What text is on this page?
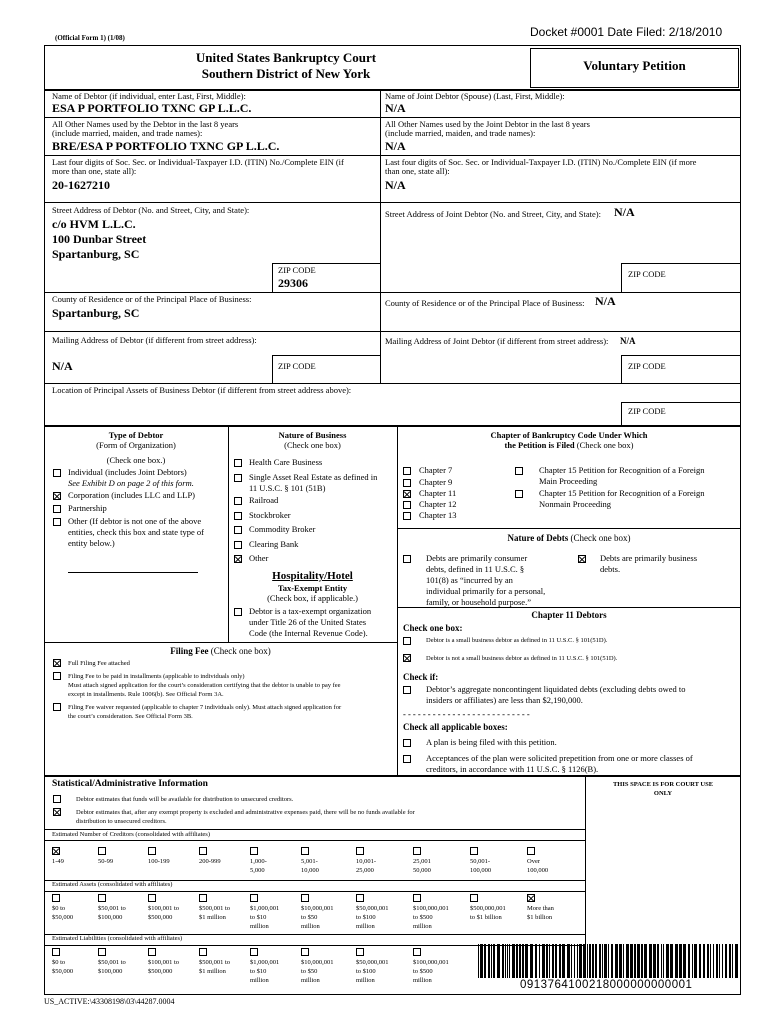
(Official Form 1) (1/08)	Docket #0001 Date Filed: 2/18/2010
United States Bankruptcy Court
Southern District of New York
Voluntary Petition
Name of Debtor (if individual, enter Last, First, Middle):
ESA P PORTFOLIO TXNC GP L.L.C.
Name of Joint Debtor (Spouse) (Last, First, Middle):
N/A
All Other Names used by the Debtor in the last 8 years
(include married, maiden, and trade names):
BRE/ESA P PORTFOLIO TXNC GP L.L.C.
All Other Names used by the Joint Debtor in the last 8 years
(include married, maiden, and trade names):
N/A
Last four digits of Soc. Sec. or Individual-Taxpayer I.D. (ITIN) No./Complete EIN (if
more than one, state all):
20-1627210
Last four digits of Soc. Sec. or Individual-Taxpayer I.D. (ITIN) No./Complete EIN (if more
than one, state all):
N/A
Street Address of Debtor (No. and Street, City, and State):
c/o HVM L.L.C.
100 Dunbar Street
Spartanburg, SC
Street Address of Joint Debtor (No. and Street, City, and State): N/A
ZIP CODE
29306
ZIP CODE
County of Residence or of the Principal Place of Business:
Spartanburg, SC
County of Residence or of the Principal Place of Business: N/A
Mailing Address of Debtor (if different from street address):	Mailing Address of Joint Debtor (if different from street address): N/A
N/A	ZIP CODE	ZIP CODE
Location of Principal Assets of Business Debtor (if different from street address above):
ZIP CODE
Type of Debtor
(Form of Organization)
(Check one box.)
Individual (includes Joint Debtors)
See Exhibit D on page 2 of this form.
Corporation (includes LLC and LLP)
Partnership
Other (If debtor is not one of the above
entities, check this box and state type of
entity below.)
Nature of Business
(Check one box)
Health Care Business
Single Asset Real Estate as defined in
11 U.S.C. § 101 (51B)
Railroad
Stockbroker
Commodity Broker
Clearing Bank
Other
Hospitality/Hotel
Tax-Exempt Entity
(Check box, if applicable.)
Debtor is a tax-exempt organization
under Title 26 of the United States
Code (the Internal Revenue Code).
Chapter of Bankruptcy Code Under Which
the Petition is Filed (Check one box)
Chapter 7
Chapter 9
Chapter 11
Chapter 12
Chapter 13
Chapter 15 Petition for Recognition of a Foreign
Main Proceeding
Chapter 15 Petition for Recognition of a Foreign
Nonmain Proceeding
Nature of Debts (Check one box)
Debts are primarily consumer
debts, defined in 11 U.S.C. §
101(8) as “incurred by an
individual primarily for a personal,
family, or household purpose.”
Debts are primarily business
debts.
Chapter 11 Debtors
Check one box:
Debtor is a small business debtor as defined in 11 U.S.C. § 101(51D).
Debtor is not a small business debtor as defined in 11 U.S.C. § 101(51D).
Check if:
Debtor’s aggregate noncontingent liquidated debts (excluding debts owed to
insiders or affiliates) are less than $2,190,000.
- - - - - - - - - - - - - - - - - - - - - - - - - -
Check all applicable boxes:
A plan is being filed with this petition.
Acceptances of the plan were solicited prepetition from one or more classes of
creditors, in accordance with 11 U.S.C. § 1126(B).
Filing Fee (Check one box)
Full Filing Fee attached
Filing Fee to be paid in installments (applicable to individuals only)
Must attach signed application for the court’s consideration certifying that the debtor is unable to pay fee
except in installments. Rule 1006(b). See Official Form 3A.
Filing Fee waiver requested (applicable to chapter 7 individuals only). Must attach signed application for
the court’s consideration. See Official Form 3B.
Statistical/Administrative Information
Debtor estimates that funds will be available for distribution to unsecured creditors.
Debtor estimates that, after any exempt property is excluded and administrative expenses paid, there will be no funds available for
distribution to unsecured creditors.
THIS SPACE IS FOR COURT USE
ONLY
Estimated Number of Creditors (consolidated with affiliates)
1-49	50-99	100-199	200-999	1,000-
5,000
5,001-
10,000
10,001-
25,000
25,001
50,000
50,001-
100,000
Over
100,000
Estimated Assets (consolidated with affiliates)
$0 to
$50,000
$50,001 to
$100,000
$100,001 to
$500,000
$500,001 to
$1 million
$1,000,001
to $10
million
$10,000,001
to $50
million
$50,000,001
to $100
million
$100,000,001
to $500
million
$500,000,001
to $1 billion
More than
$1 billion
Estimated Liabilities (consolidated with affiliates)
$0 to
$50,000
$50,001 to
$100,000
$100,001 to
$500,000
$500,001 to
$1 million
$1,000,001
to $10
million
$10,000,001
to $50
million
$50,000,001
to $100
million
$100,000,001
to $500
million	0913764100218000000000001
US_ACTIVE:\43308198\03\44287.0004
